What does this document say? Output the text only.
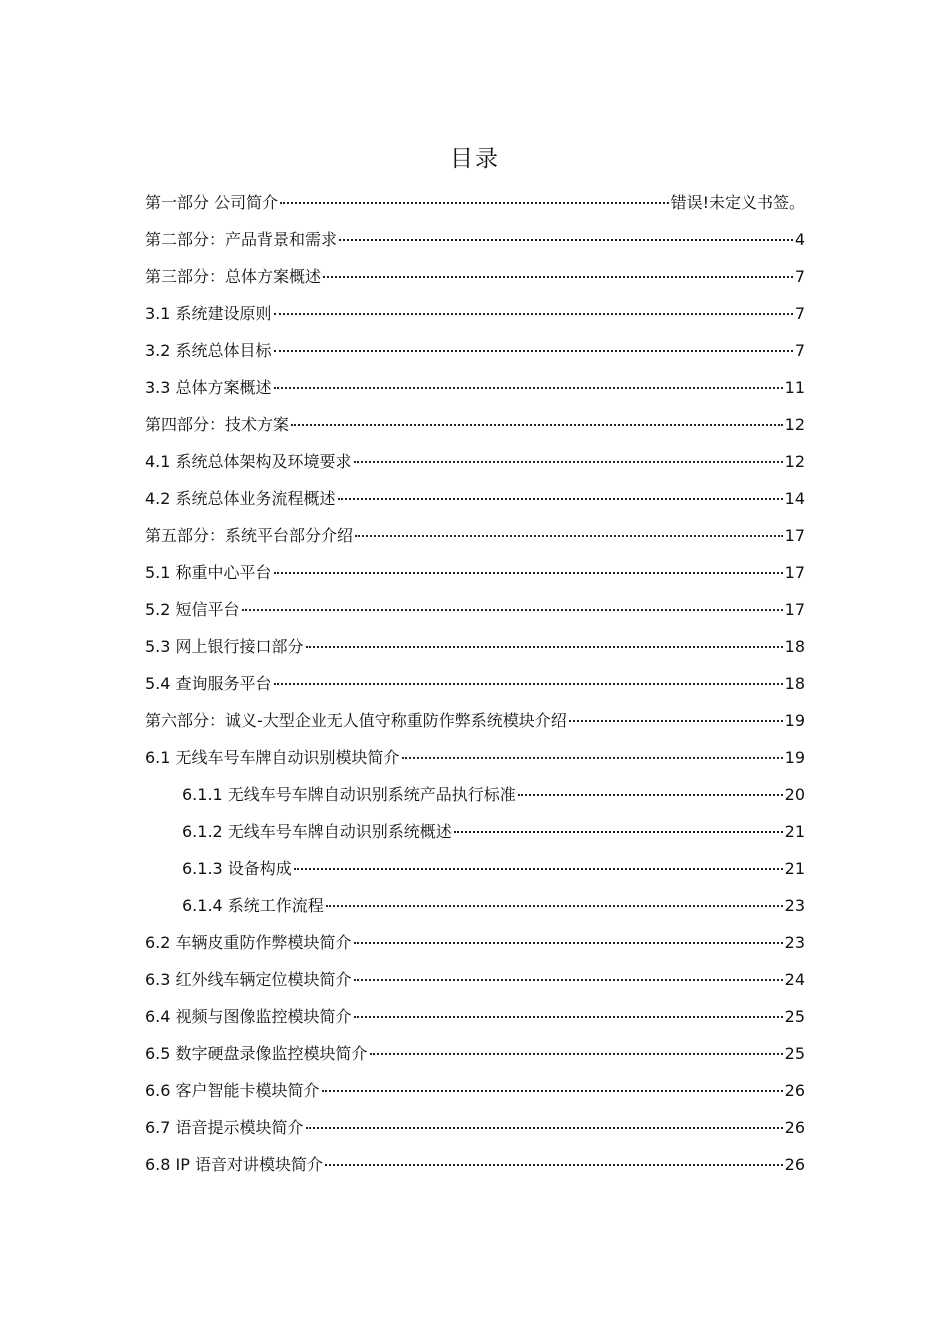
目录
第一部分 公司简介	错误!未定义书签。
第二部分：产品背景和需求	4
第三部分：总体方案概述	7
3.1 系统建设原则	7
3.2 系统总体目标	7
3.3 总体方案概述	11
第四部分：技术方案	12
4.1 系统总体架构及环境要求	12
4.2 系统总体业务流程概述	14
第五部分：系统平台部分介绍	17
5.1 称重中心平台	17
5.2 短信平台	17
5.3 网上银行接口部分	18
5.4 查询服务平台	18
第六部分：诚义-大型企业无人值守称重防作弊系统模块介绍	19
6.1 无线车号车牌自动识别模块简介	19
6.1.1 无线车号车牌自动识别系统产品执行标准	20
6.1.2 无线车号车牌自动识别系统概述	21
6.1.3 设备构成	21
6.1.4 系统工作流程	23
6.2 车辆皮重防作弊模块简介	23
6.3 红外线车辆定位模块简介	24
6.4 视频与图像监控模块简介	25
6.5 数字硬盘录像监控模块简介	25
6.6 客户智能卡模块简介	26
6.7 语音提示模块简介	26
6.8 IP 语音对讲模块简介	26
